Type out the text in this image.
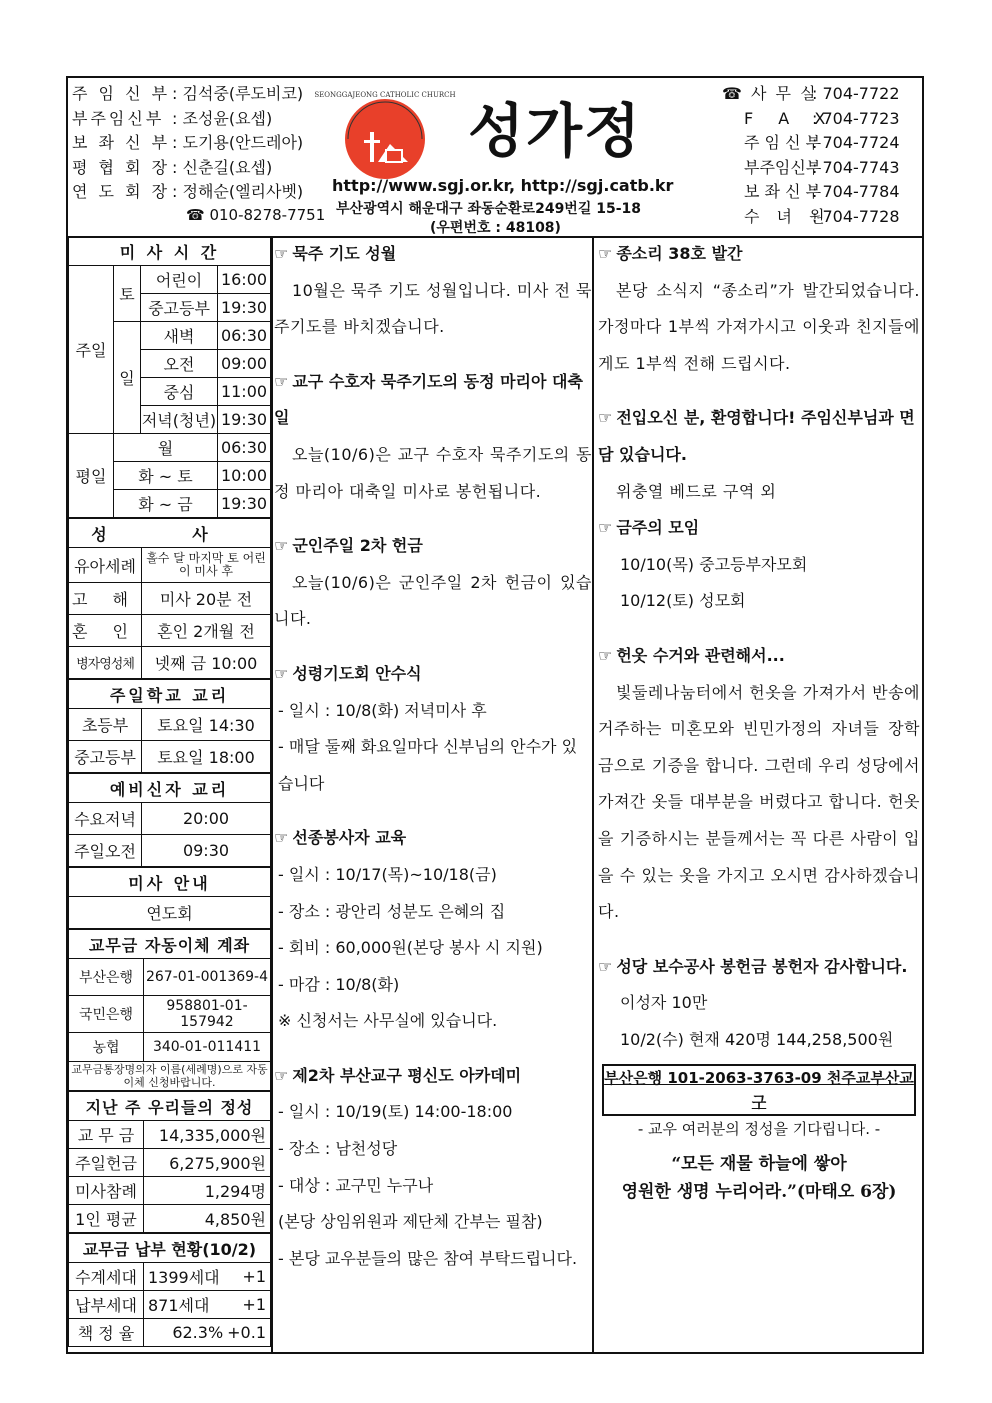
주 임 신 부 : 김석중(루도비코)
부주임신부 : 조성윤(요셉)
보 좌 신 부 : 도기용(안드레아)
평 협 회 장 : 신춘길(요셉)
연 도 회 장 : 정해순(엘리사벳)
☎ 010-8278-7751
SEONGGAJEONG CATHOLIC CHURCH
성가정
http://www.sgj.or.kr, http://sgj.catb.kr
부산광역시 해운대구 좌동순환로249번길 15-18
(우편번호 : 48108)
☎ 사 무 실: 704-7722
F A X: 704-7723
주 임 신 부: 704-7724
부주임신부: 704-7743
보 좌 신 부: 704-7784
수 녀 원: 704-7728
미 사 시 간			
주일	토	어린이	16:00
		중고등부	19:30
	일	새벽	06:30
		오전	09:00
		중심	11:00
		저녁(청년)	19:30
평일	월		06:30
	화 ~ 토		10:00
	화 ~ 금		19:30
성 사	
유아세례	홀수 달 마지막 토 어린이 미사 후
고 해	미사 20분 전
혼 인	혼인 2개월 전
병자영성체	넷째 금 10:00
주일학교 교리	
초등부	토요일 14:30
중고등부	토요일 18:00
예비신자 교리	
수요저녁	20:00
주일오전	09:30
미사 안내
연도회
교무금 자동이체 계좌	
부산은행	267-01-001369-4
국민은행	958801-01-157942
농협	340-01-011411
교무금통장명의자 이름(세례명)으로 자동이체 신청바랍니다.	
지난 주 우리들의 정성	
교 무 금	14,335,000원
주일헌금	6,275,900원
미사참례	1,294명
1인 평균	4,850원
교무금 납부 현황(10/2)		
수계세대	1399세대	+1
납부세대	871세대	+1
책 정 율	62.3%	+0.1
☞ 묵주 기도 성월
10월은 묵주 기도 성월입니다. 미사 전 묵주기도를 바치겠습니다.
☞ 교구 수호자 묵주기도의 동정 마리아 대축일
오늘(10/6)은 교구 수호자 묵주기도의 동정 마리아 대축일 미사로 봉헌됩니다.
☞ 군인주일 2차 헌금
오늘(10/6)은 군인주일 2차 헌금이 있습니다.
☞ 성령기도회 안수식
- 일시 : 10/8(화) 저녁미사 후
- 매달 둘째 화요일마다 신부님의 안수가 있습니다
☞ 선종봉사자 교육
- 일시 : 10/17(목)~10/18(금)
- 장소 : 광안리 성분도 은혜의 집
- 회비 : 60,000원(본당 봉사 시 지원)
- 마감 : 10/8(화)
※ 신청서는 사무실에 있습니다.
☞ 제2차 부산교구 평신도 아카데미
- 일시 : 10/19(토) 14:00-18:00
- 장소 : 남천성당
- 대상 : 교구민 누구나
(본당 상임위원과 제단체 간부는 필참)
- 본당 교우분들의 많은 참여 부탁드립니다.
☞ 종소리 38호 발간
본당 소식지 “종소리”가 발간되었습니다. 가정마다 1부씩 가져가시고 이웃과 친지들에게도 1부씩 전해 드립시다.
☞ 전입오신 분, 환영합니다! 주임신부님과 면담 있습니다.
위충열 베드로 구역 외
☞ 금주의 모임
10/10(목) 중고등부자모회
10/12(토) 성모회
☞ 헌옷 수거와 관련해서...
빛둘레나눔터에서 헌옷을 가져가서 반송에 거주하는 미혼모와 빈민가정의 자녀들 장학금으로 기증을 합니다. 그런데 우리 성당에서 가져간 옷들 대부분을 버렸다고 합니다. 헌옷을 기증하시는 분들께서는 꼭 다른 사람이 입을 수 있는 옷을 가지고 오시면 감사하겠습니다.
☞ 성당 보수공사 봉헌금 봉헌자 감사합니다.
이성자 10만
10/2(수) 현재 420명 144,258,500원
부산은행 101-2063-3763-09 천주교부산교구
- 교우 여러분의 정성을 기다립니다. -
“모든 재물 하늘에 쌓아
영원한 생명 누리어라.”(마태오 6장)
